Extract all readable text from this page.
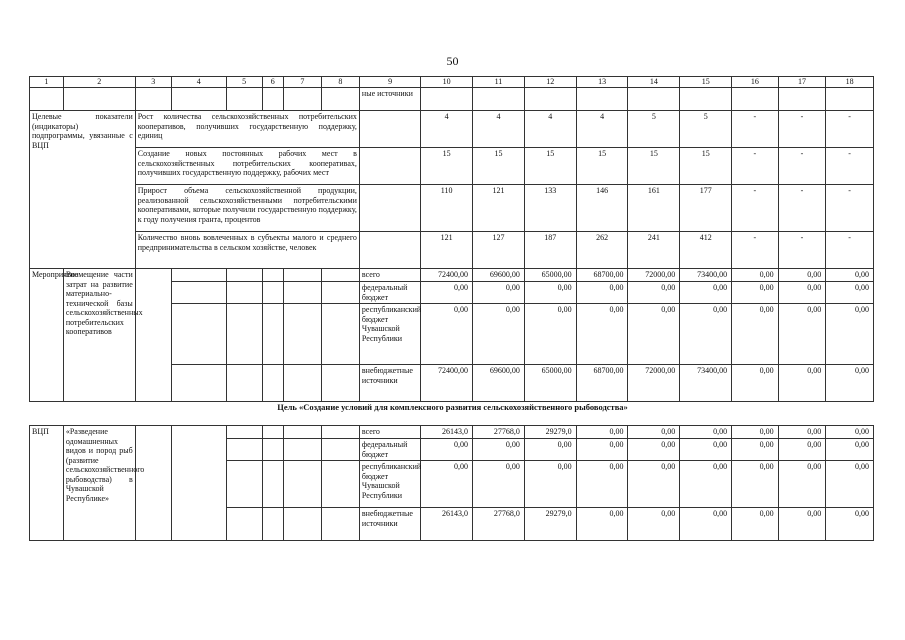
50
1	2	3	4	5	6	7	8	9	10	11	12	13	14	15	16	17	18
								ные источники									
Целевые показатели (индикаторы) подпрограммы, увязанные с ВЦП		Рост количества сельскохозяйственных потребительских кооперативов, получивших государственную поддержку, единиц							4	4	4	4	5	5	-	-	-
		Создание новых постоянных рабочих мест в сельскохозяйственных потребительских кооперативах, получивших государственную поддержку, рабочих мест							15	15	15	15	15	15	-	-	-
		Прирост объема сельскохозяйственной продукции, реализованной сельскохозяйственными потребительскими кооперативами, которые получили государственную поддержку, к году получения гранта, процентов							110	121	133	146	161	177	-	-	-
		Количество вновь вовлеченных в субъекты малого и среднего предпринимательства в сельском хозяйстве, человек							121	127	187	262	241	412	-	-	-
Мероприятие	Возмещение части затрат на развитие материально-технической базы сельскохозяйственных потребительских кооперативов							всего	72400,00	69600,00	65000,00	68700,00	72000,00	73400,00	0,00	0,00	0,00
								федеральный бюджет	0,00	0,00	0,00	0,00	0,00	0,00	0,00	0,00	0,00
								республиканский бюджет Чувашской Республики	0,00	0,00	0,00	0,00	0,00	0,00	0,00	0,00	0,00
								внебюджетные источники	72400,00	69600,00	65000,00	68700,00	72000,00	73400,00	0,00	0,00	0,00
Цель «Создание условий для комплексного развития сельскохозяйственного рыбоводства»
ВЦП	«Разведение одомашненных видов и пород рыб (развитие сельскохозяйственного рыбоводства) в Чувашской Республике»							всего	26143,0	27768,0	29279,0	0,00	0,00	0,00	0,00	0,00	0,00
								федеральный бюджет	0,00	0,00	0,00	0,00	0,00	0,00	0,00	0,00	0,00
								республиканский бюджет Чувашской Республики	0,00	0,00	0,00	0,00	0,00	0,00	0,00	0,00	0,00
								внебюджетные источники	26143,0	27768,0	29279,0	0,00	0,00	0,00	0,00	0,00	0,00
